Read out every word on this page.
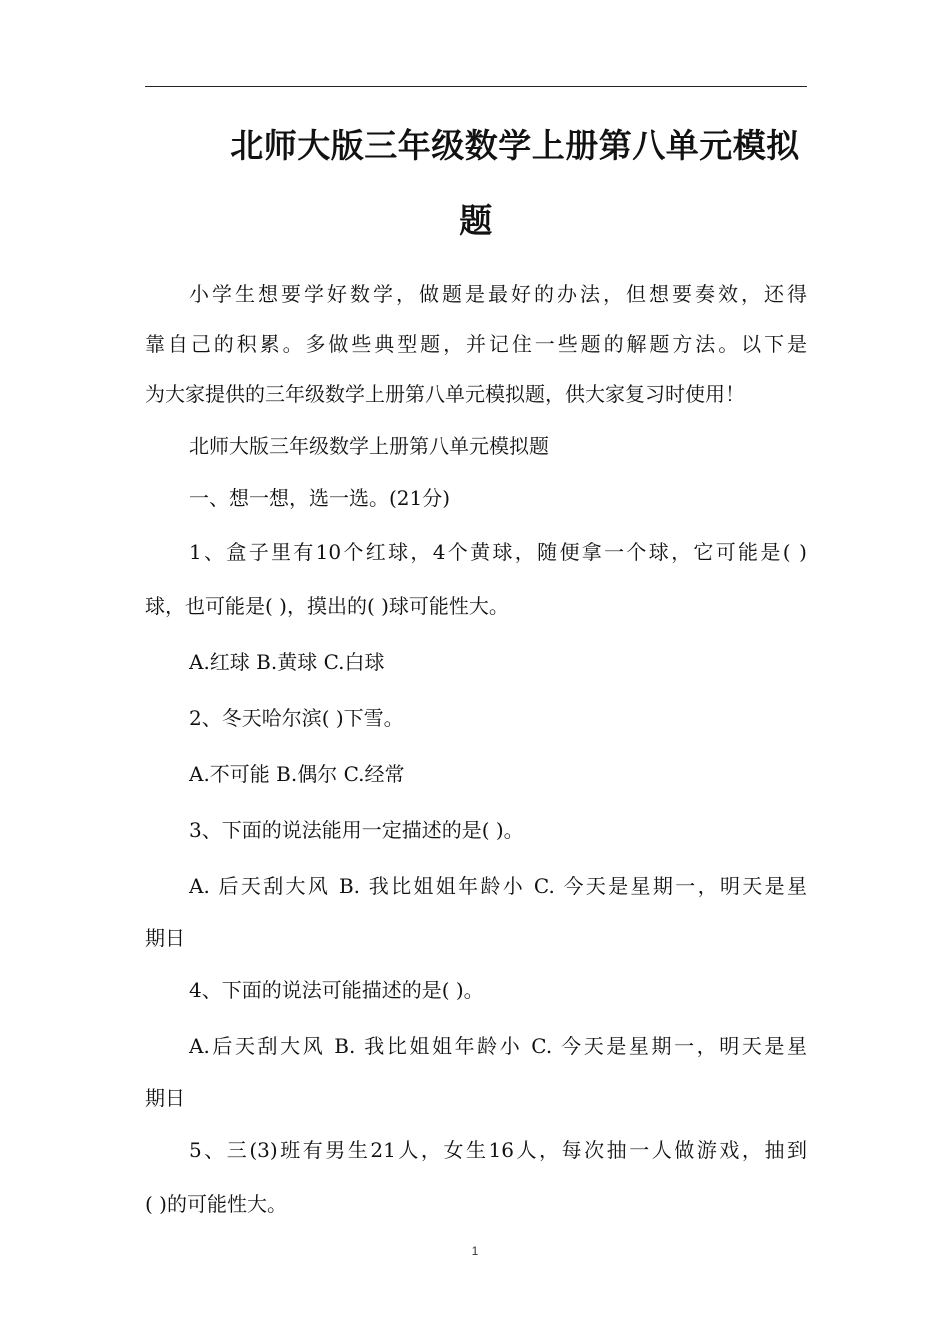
北师大版三年级数学上册第八单元模拟
题
小学生想要学好数学，做题是最好的办法，但想要奏效，还得
靠自己的积累。多做些典型题，并记住一些题的解题方法。以下是
为大家提供的三年级数学上册第八单元模拟题，供大家复习时使用！
北师大版三年级数学上册第八单元模拟题
一、想一想，选一选。(21分)
1、盒子里有10个红球，4个黄球，随便拿一个球，它可能是( )
球，也可能是( )，摸出的( )球可能性大。
A.红球 B.黄球 C.白球
2、冬天哈尔滨( )下雪。
A.不可能 B.偶尔 C.经常
3、下面的说法能用一定描述的是( )。
A. 后天刮大风 B. 我比姐姐年龄小 C. 今天是星期一，明天是星
期日
4、下面的说法可能描述的是( )。
A.后天刮大风 B. 我比姐姐年龄小 C. 今天是星期一，明天是星
期日
5、三(3)班有男生21人，女生16人，每次抽一人做游戏，抽到
( )的可能性大。
1
